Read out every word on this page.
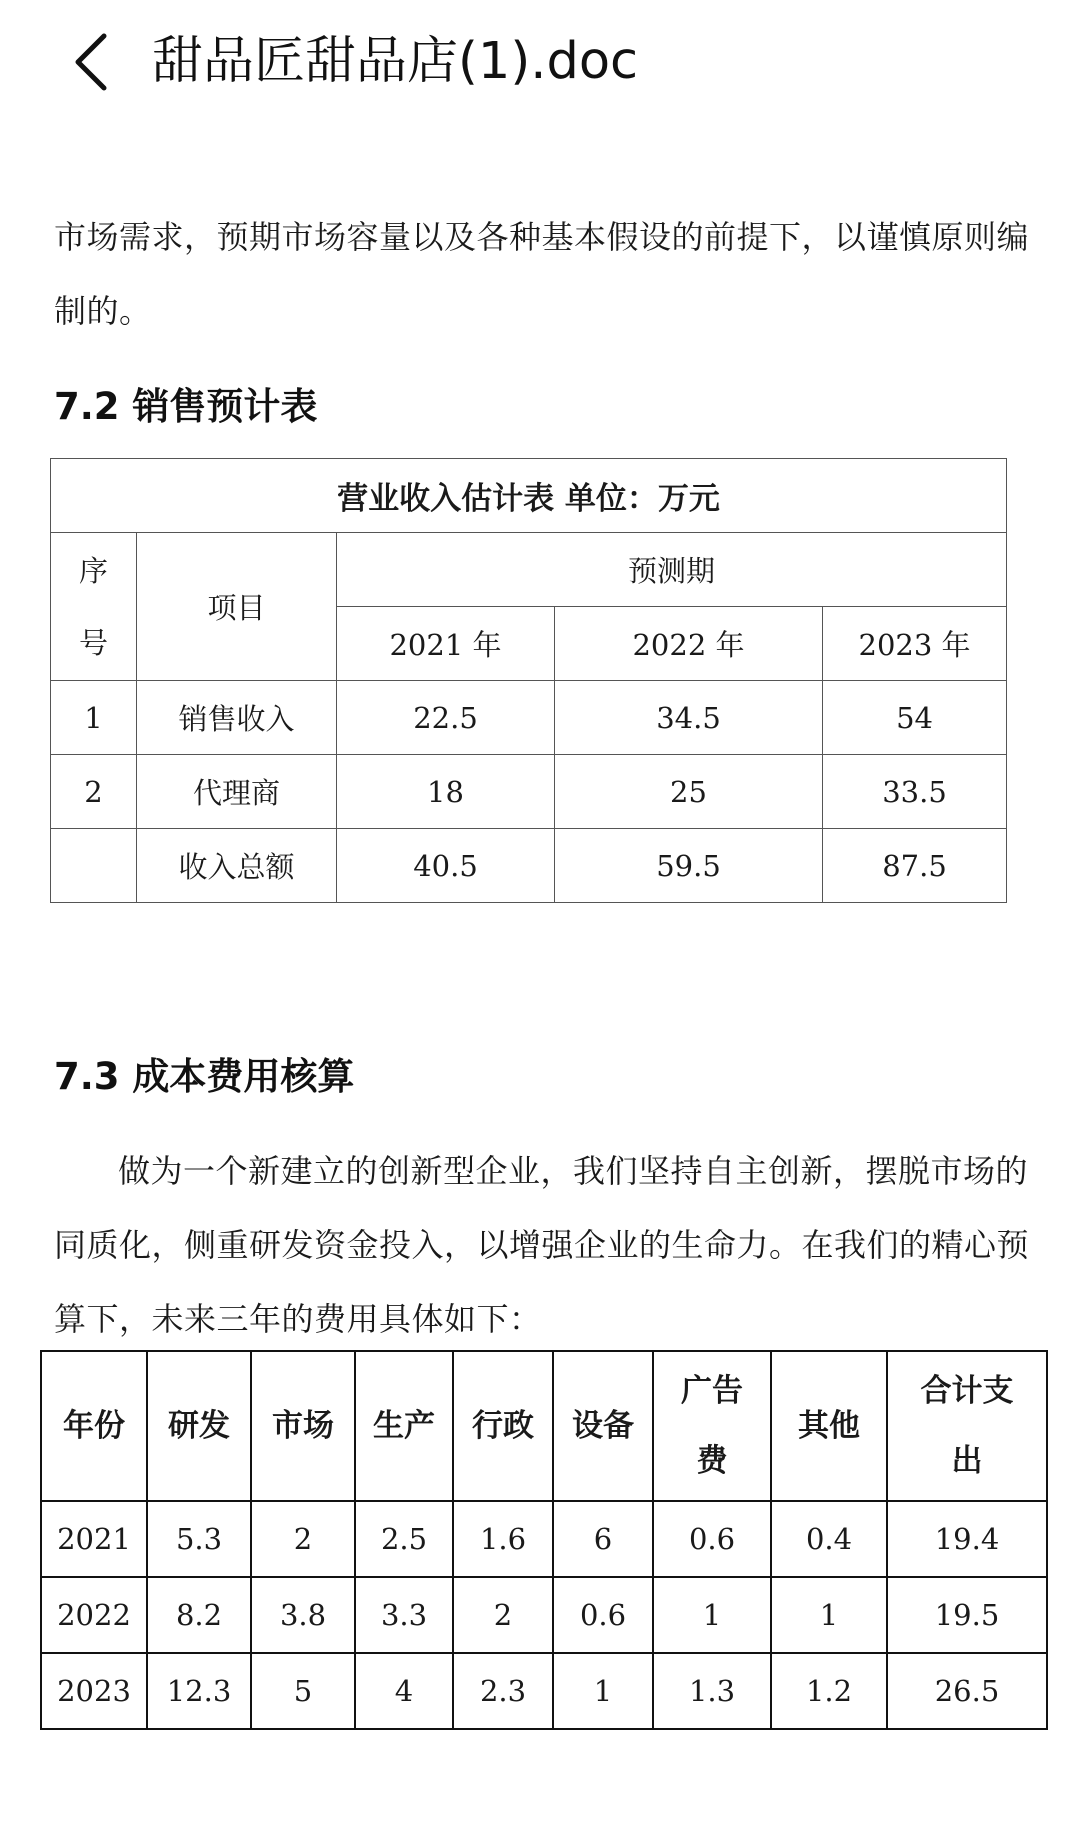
甜品匠甜品店(1).doc

市场需求，预期市场容量以及各种基本假设的前提下，以谨慎原则编制的。

7.2 销售预计表
营业收入估计表 单位：万元				
序号	项目	预测期		
		2021 年	2022 年	2023 年
1	销售收入	22.5	34.5	54
2	代理商	18	25	33.5
	收入总额	40.5	59.5	87.5
7.3 成本费用核算

做为一个新建立的创新型企业，我们坚持自主创新，摆脱市场的同质化，侧重研发资金投入，以增强企业的生命力。在我们的精心预算下，未来三年的费用具体如下：

年份	研发	市场	生产	行政	设备	广告费	其他	合计支出
2021	5.3	2	2.5	1.6	6	0.6	0.4	19.4
2022	8.2	3.8	3.3	2	0.6	1	1	19.5
2023	12.3	5	4	2.3	1	1.3	1.2	26.5
